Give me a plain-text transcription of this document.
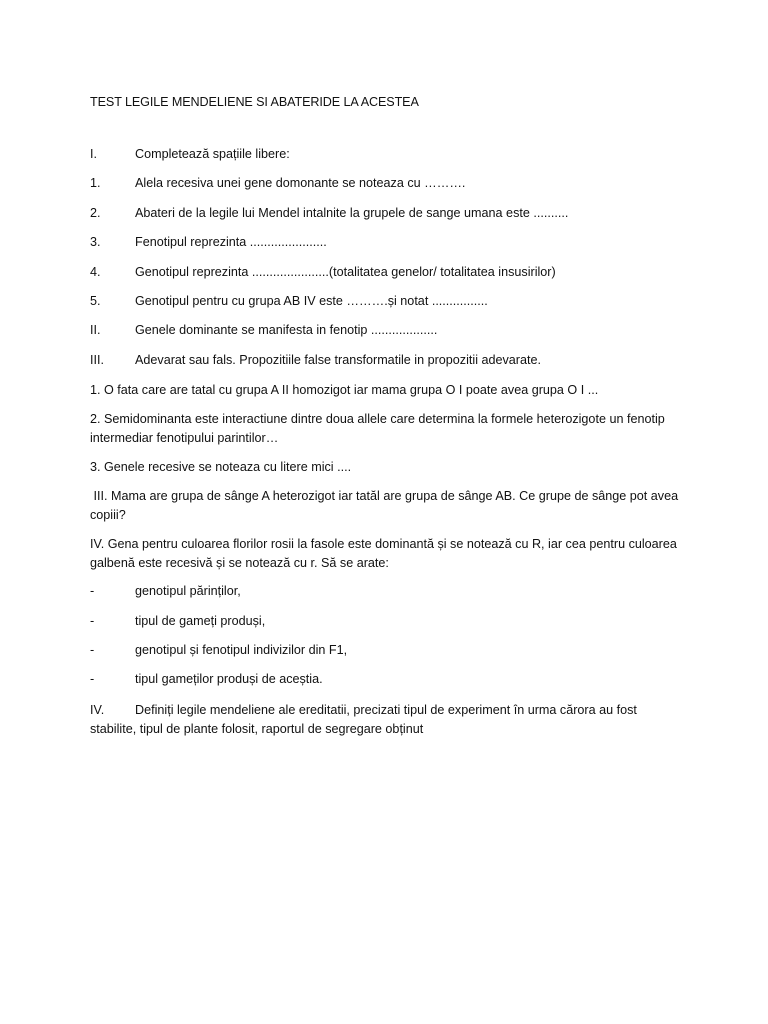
TEST LEGILE MENDELIENE SI ABATERIDE LA ACESTEA
I.	Completează spațiile libere:
1.	Alela recesiva unei gene domonante se noteaza cu ……….
2.	Abateri de la legile lui Mendel intalnite la grupele de sange umana este ..........
3.	Fenotipul reprezinta ......................
4.	Genotipul reprezinta ......................(totalitatea genelor/ totalitatea insusirilor)
5.	Genotipul pentru cu grupa AB IV este ……….și notat ................
II.	Genele dominante se manifesta in fenotip ...................
III.	Adevarat sau fals. Propozitiile false transformatile in propozitii adevarate.
1. O fata care are tatal cu grupa A II homozigot iar mama grupa O I poate avea grupa O I ...
2. Semidominanta este interactiune dintre doua allele care determina la formele heterozigote un fenotip intermediar fenotipului parintilor…
3. Genele recesive se noteaza cu litere mici ....
III. Mama are grupa de sânge A heterozigot iar tatăl are grupa de sânge AB. Ce grupe de sânge pot avea copiii?
IV. Gena pentru culoarea florilor rosii la fasole este dominantă și se notează cu R, iar cea pentru culoarea galbenă este recesivă și se notează cu r. Să se arate:
-	genotipul părinților,
-	tipul de gameți produși,
-	genotipul și fenotipul indivizilor din F1,
-	tipul gameților produși de aceștia.
IV. Definiți legile mendeliene ale ereditatii, precizati tipul de experiment în urma cărora au fost stabilite, tipul de plante folosit, raportul de segregare obținut
